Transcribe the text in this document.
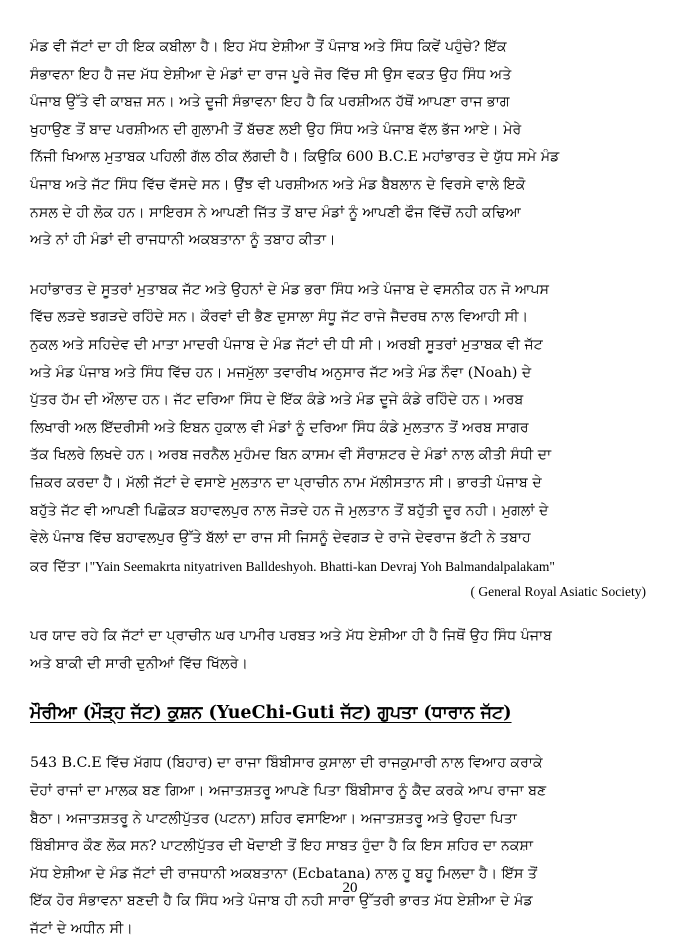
ਮੰਡ ਵੀ ਜੱਟਾਂ ਦਾ ਹੀ ਇਕ ਕਬੀਲਾ ਹੈ। ਇਹ ਮੱਧ ਏਸ਼ੀਆ ਤੋਂ ਪੰਜਾਬ ਅਤੇ ਸਿੰਧ ਕਿਵੇਂ ਪਹੁੰਚੇ? ਇੱਕ
ਸੰਭਾਵਨਾ ਇਹ ਹੈ ਜਦ ਮੱਧ ਏਸ਼ੀਆ ਦੇ ਮੰਡਾਂ ਦਾ ਰਾਜ ਪੂਰੇ ਜੋਰ ਵਿੱਚ ਸੀ ਉਸ ਵਕਤ ਉਹ ਸਿੰਧ ਅਤੇ
ਪੰਜਾਬ ਉੱਤੇ ਵੀ ਕਾਬਜ਼ ਸਨ। ਅਤੇ ਦੂਜੀ ਸੰਭਾਵਨਾ ਇਹ ਹੈ ਕਿ ਪਰਸ਼ੀਅਨ ਹੱਥੋਂ ਆਪਣਾ ਰਾਜ ਭਾਗ
ਖੁਹਾਉਣ ਤੋਂ ਬਾਦ ਪਰਸ਼ੀਅਨ ਦੀ ਗੁਲਾਮੀ ਤੋਂ ਬੱਚਣ ਲਈ ਉਹ ਸਿੰਧ ਅਤੇ ਪੰਜਾਬ ਵੱਲ ਭੱਜ ਆਏ। ਮੇਰੇ
ਨਿੱਜੀ ਖਿਆਲ ਮੁਤਾਬਕ ਪਹਿਲੀ ਗੱਲ ਠੀਕ ਲੱਗਦੀ ਹੈ। ਕਿਉਕਿ 600 B.C.E ਮਹਾਂਭਾਰਤ ਦੇ ਯੁੱਧ ਸਮੇ ਮੰਡ
ਪੰਜਾਬ ਅਤੇ ਜੱਟ ਸਿੰਧ ਵਿੱਚ ਵੱਸਦੇ ਸਨ। ਉੰਝ ਵੀ ਪਰਸ਼ੀਅਨ ਅਤੇ ਮੰਡ ਬੈਬਲਾਨ ਦੇ ਵਿਰਸੇ ਵਾਲੇ ਇਕੋ
ਨਸਲ ਦੇ ਹੀ ਲੋਕ ਹਨ। ਸਾਇਰਸ ਨੇ ਆਪਣੀ ਜਿੱਤ ਤੋਂ ਬਾਦ ਮੰਡਾਂ ਨੂੰ ਆਪਣੀ ਫੌਜ ਵਿੱਚੋਂ ਨਹੀ ਕਢਿਆ
ਅਤੇ ਨਾਂ ਹੀ ਮੰਡਾਂ ਦੀ ਰਾਜਧਾਨੀ ਅਕਬਤਾਨਾ ਨੂੰ ਤਬਾਹ ਕੀਤਾ।

ਮਹਾਂਭਾਰਤ ਦੇ ਸੂਤਰਾਂ ਮੁਤਾਬਕ ਜੱਟ ਅਤੇ ਉਹਨਾਂ ਦੇ ਮੰਡ ਭਰਾ ਸਿੰਧ ਅਤੇ ਪੰਜਾਬ ਦੇ ਵਸਨੀਕ ਹਨ ਜੋ ਆਪਸ
ਵਿੱਚ ਲੜਦੇ ਝਗੜਦੇ ਰਹਿੰਦੇ ਸਨ। ਕੌਰਵਾਂ ਦੀ ਭੈਣ ਦੁਸਾਲਾ ਸੰਧੂ ਜੱਟ ਰਾਜੇ ਜੈਦਰਥ ਨਾਲ ਵਿਆਹੀ ਸੀ।
ਨੁਕਲ ਅਤੇ ਸਹਿਦੇਵ ਦੀ ਮਾਤਾ ਮਾਦਰੀ ਪੰਜਾਬ ਦੇ ਮੰਡ ਜੱਟਾਂ ਦੀ ਧੀ ਸੀ। ਅਰਬੀ ਸੂਤਰਾਂ ਮੁਤਾਬਕ ਵੀ ਜੱਟ
ਅਤੇ ਮੰਡ ਪੰਜਾਬ ਅਤੇ ਸਿੰਧ ਵਿੱਚ ਹਨ। ਮਜਮੁੱਲਾ ਤਵਾਰੀਖ ਅਨੁਸਾਰ ਜੱਟ ਅਤੇ ਮੰਡ ਨੌਵਾ (Noah) ਦੇ
ਪੁੱਤਰ ਹੱਮ ਦੀ ਔਲਾਦ ਹਨ। ਜੱਟ ਦਰਿਆ ਸਿੰਧ ਦੇ ਇੱਕ ਕੰਡੇ ਅਤੇ ਮੰਡ ਦੂਜੇ ਕੰਡੇ ਰਹਿੰਦੇ ਹਨ। ਅਰਬ
ਲਿਖਾਰੀ ਅਲ ਇੱਦਰੀਸੀ ਅਤੇ ਇਬਨ ਹੁਕਾਲ ਵੀ ਮੰਡਾਂ ਨੂੰ ਦਰਿਆ ਸਿੰਧ ਕੰਡੇ ਮੁਲਤਾਨ ਤੋਂ ਅਰਬ ਸਾਗਰ
ਤੱਕ ਖਿਲਰੇ ਲਿਖਦੇ ਹਨ। ਅਰਬ ਜਰਨੈਲ ਮੁਹੰਮਦ ਬਿਨ ਕਾਸਮ ਵੀ ਸੌਰਾਸ਼ਟਰ ਦੇ ਮੰਡਾਂ ਨਾਲ ਕੀਤੀ ਸੰਧੀ ਦਾ
ਜ਼ਿਕਰ ਕਰਦਾ ਹੈ। ਮੱਲੀ ਜੱਟਾਂ ਦੇ ਵਸਾਏ ਮੁਲਤਾਨ ਦਾ ਪ੍ਰਾਚੀਨ ਨਾਮ ਮੱਲੀਸਤਾਨ ਸੀ। ਭਾਰਤੀ ਪੰਜਾਬ ਦੇ
ਬਹੁੱਤੇ ਜੱਟ ਵੀ ਆਪਣੀ ਪਿਛੋਕੜ ਬਹਾਵਲਪੁਰ ਨਾਲ ਜੋੜਦੇ ਹਨ ਜੋ ਮੁਲਤਾਨ ਤੋਂ ਬਹੁੱਤੀ ਦੂਰ ਨਹੀ। ਮੁਗਲਾਂ ਦੇ
ਵੇਲੇ ਪੰਜਾਬ ਵਿੱਚ ਬਹਾਵਲਪੁਰ ਉੱਤੇ ਬੱਲਾਂ ਦਾ ਰਾਜ ਸੀ ਜਿਸਨੂੰ ਦੇਵਗੜ ਦੇ ਰਾਜੇ ਦੇਵਰਾਜ ਭੱਟੀ ਨੇ ਤਬਾਹ
ਕਰ ਦਿੱਤਾ।"Yain Seemakrta nityatriven Balldeshyoh. Bhatti-kan Devraj Yoh Balmandalpalakam"

( General Royal Asiatic Society)

ਪਰ ਯਾਦ ਰਹੇ ਕਿ ਜੱਟਾਂ ਦਾ ਪ੍ਰਾਚੀਨ ਘਰ ਪਾਮੀਰ ਪਰਬਤ ਅਤੇ ਮੱਧ ਏਸ਼ੀਆ ਹੀ ਹੈ ਜਿਥੋਂ ਉਹ ਸਿੰਧ ਪੰਜਾਬ
ਅਤੇ ਬਾਕੀ ਦੀ ਸਾਰੀ ਦੁਨੀਆਂ ਵਿੱਚ ਖਿੱਲਰੇ।

ਮੌਰੀਆ (ਮੌੜ੍ਹ ਜੱਟ) ਕੁਸ਼ਨ (YueChi-Guti ਜੱਟ) ਗੁਪਤਾ (ਧਾਰਾਨ ਜੱਟ)

543 B.C.E ਵਿੱਚ ਮੱਗਧ (ਬਿਹਾਰ) ਦਾ ਰਾਜਾ ਬਿੰਬੀਸਾਰ ਕੁਸਾਲਾ ਦੀ ਰਾਜਕੁਮਾਰੀ ਨਾਲ ਵਿਆਹ ਕਰਾਕੇ
ਦੋਹਾਂ ਰਾਜਾਂ ਦਾ ਮਾਲਕ ਬਣ ਗਿਆ। ਅਜਾਤਸ਼ਤਰੂ ਆਪਣੇ ਪਿਤਾ ਬਿੰਬੀਸਾਰ ਨੂੰ ਕੈਦ ਕਰਕੇ ਆਪ ਰਾਜਾ ਬਣ
ਬੈਠਾ। ਅਜਾਤਸ਼ਤਰੂ ਨੇ ਪਾਟਲੀਪੁੱਤਰ (ਪਟਨਾ) ਸ਼ਹਿਰ ਵਸਾਇਆ। ਅਜਾਤਸ਼ਤਰੂ ਅਤੇ ਉਹਦਾ ਪਿਤਾ
ਬਿੰਬੀਸਾਰ ਕੌਣ ਲੋਕ ਸਨ? ਪਾਟਲੀਪੁੱਤਰ ਦੀ ਖੋਦਾਈ ਤੋਂ ਇਹ ਸਾਬਤ ਹੁੰਦਾ ਹੈ ਕਿ ਇਸ ਸ਼ਹਿਰ ਦਾ ਨਕਸ਼ਾ
ਮੱਧ ਏਸ਼ੀਆ ਦੇ ਮੰਡ ਜੱਟਾਂ ਦੀ ਰਾਜਧਾਨੀ ਅਕਬਤਾਨਾ (Ecbatana) ਨਾਲ ਹੂ ਬਹੂ ਮਿਲਦਾ ਹੈ। ਇੱਸ ਤੋਂ
ਇੱਕ ਹੋਰ ਸੰਭਾਵਨਾ ਬਣਦੀ ਹੈ ਕਿ ਸਿੰਧ ਅਤੇ ਪੰਜਾਬ ਹੀ ਨਹੀ ਸਾਰਾ ਉੱਤਰੀ ਭਾਰਤ ਮੱਧ ਏਸ਼ੀਆ ਦੇ ਮੰਡ
ਜੱਟਾਂ ਦੇ ਅਧੀਨ ਸੀ।

20
